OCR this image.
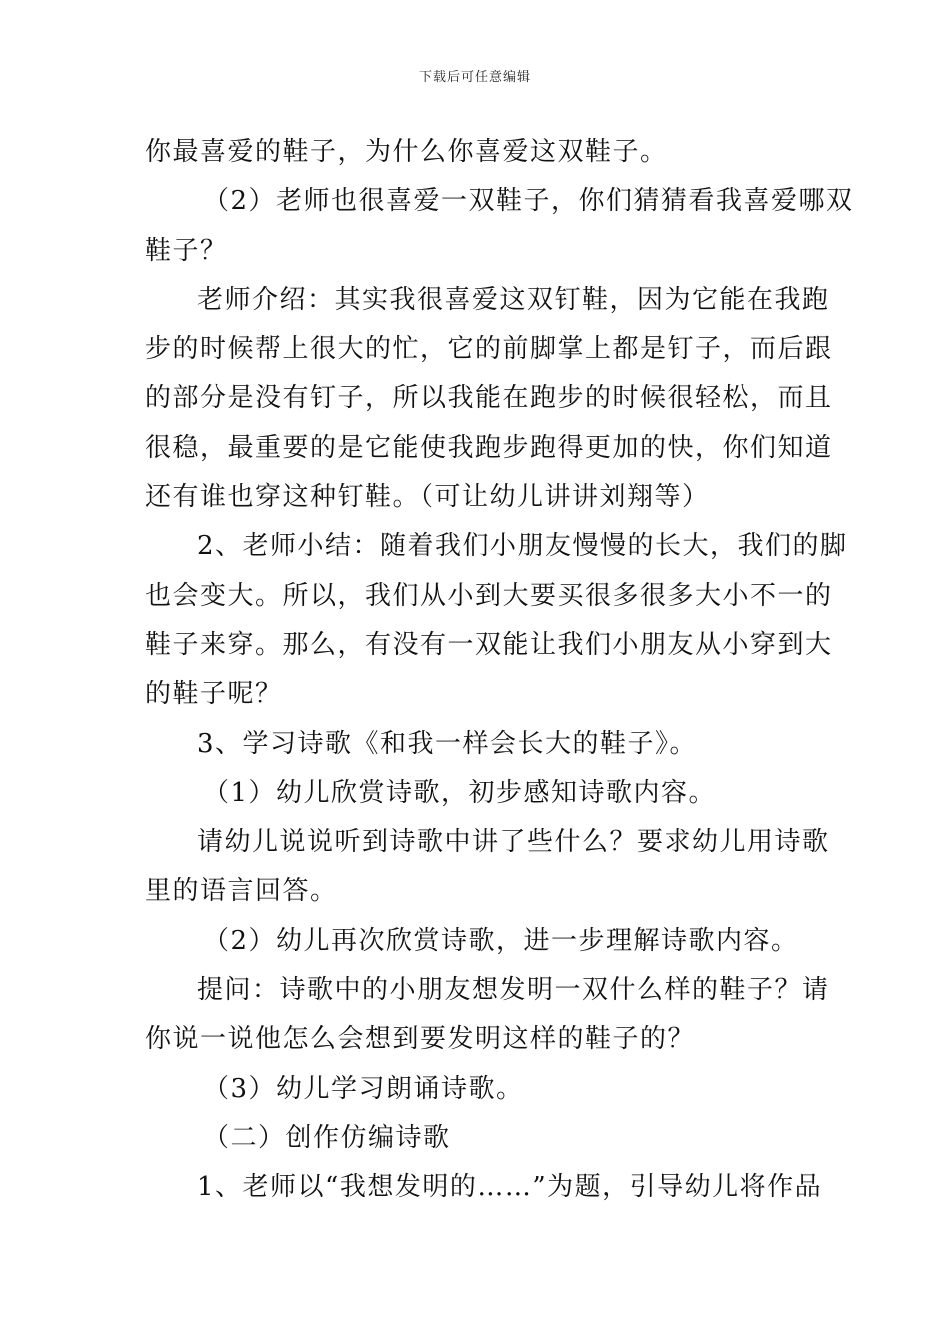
下载后可任意编辑
你最喜爱的鞋子，为什么你喜爱这双鞋子。
（2）老师也很喜爱一双鞋子，你们猜猜看我喜爱哪双
鞋子？
老师介绍：其实我很喜爱这双钉鞋，因为它能在我跑
步的时候帮上很大的忙，它的前脚掌上都是钉子，而后跟
的部分是没有钉子，所以我能在跑步的时候很轻松，而且
很稳，最重要的是它能使我跑步跑得更加的快，你们知道
还有谁也穿这种钉鞋。（可让幼儿讲讲刘翔等）
2、老师小结：随着我们小朋友慢慢的长大，我们的脚
也会变大。所以，我们从小到大要买很多很多大小不一的
鞋子来穿。那么，有没有一双能让我们小朋友从小穿到大
的鞋子呢？
3、学习诗歌《和我一样会长大的鞋子》。
（1）幼儿欣赏诗歌，初步感知诗歌内容。
请幼儿说说听到诗歌中讲了些什么？要求幼儿用诗歌
里的语言回答。
（2）幼儿再次欣赏诗歌，进一步理解诗歌内容。
提问：诗歌中的小朋友想发明一双什么样的鞋子？请
你说一说他怎么会想到要发明这样的鞋子的？
（3）幼儿学习朗诵诗歌。
（二）创作仿编诗歌
1、老师以“我想发明的……”为题，引导幼儿将作品
